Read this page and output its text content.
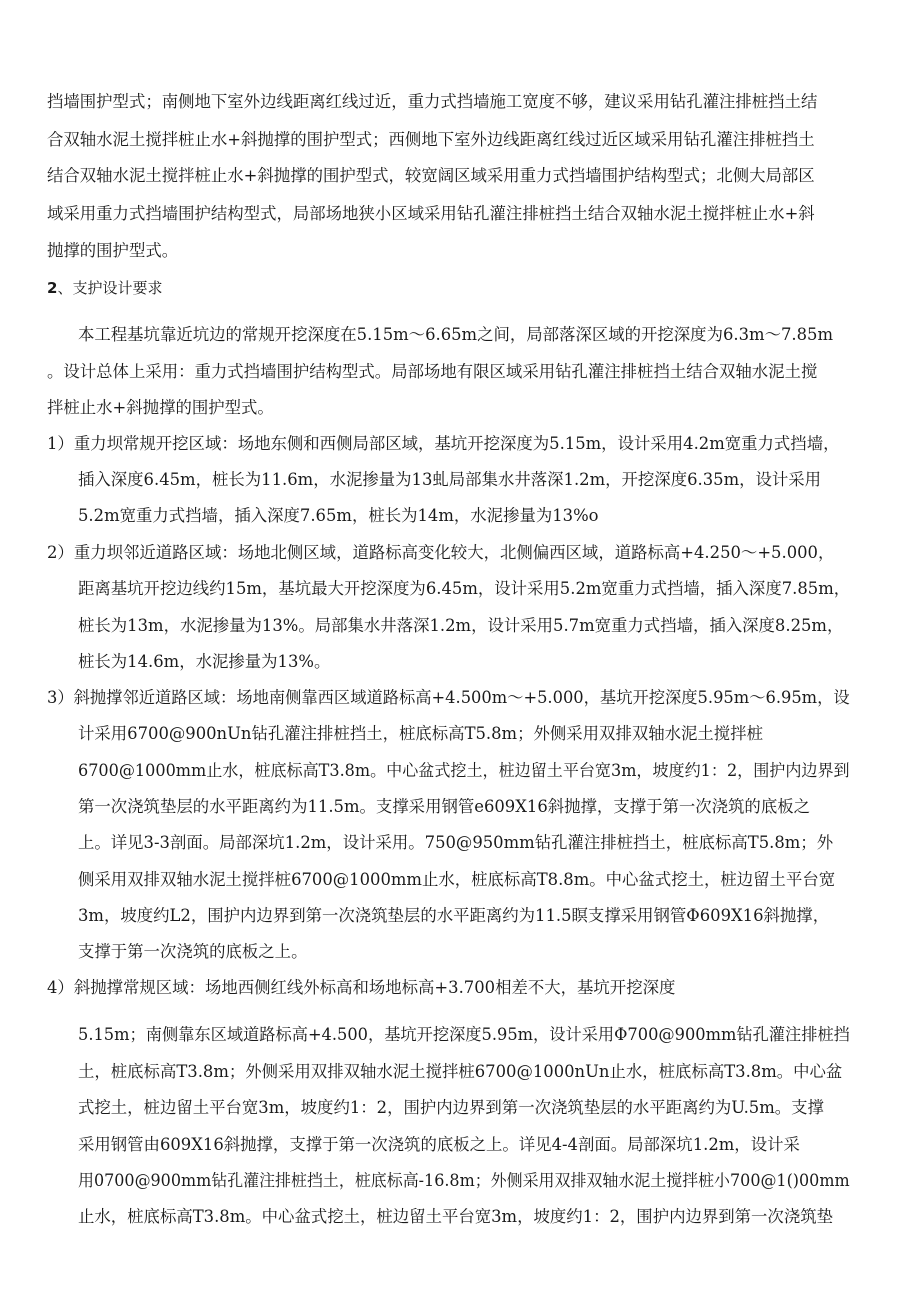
挡墙围护型式；南侧地下室外边线距离红线过近，重力式挡墙施工宽度不够，建议采用钻孔灌注排桩挡土结
合双轴水泥土搅拌桩止水+斜抛撑的围护型式；西侧地下室外边线距离红线过近区域采用钻孔灌注排桩挡土
结合双轴水泥土搅拌桩止水+斜抛撑的围护型式，较宽阔区域采用重力式挡墙围护结构型式；北侧大局部区
域采用重力式挡墙围护结构型式，局部场地狭小区域采用钻孔灌注排桩挡土结合双轴水泥土搅拌桩止水+斜
抛撑的围护型式。
2、支护设计要求
本工程基坑靠近坑边的常规开挖深度在5.15m～6.65m之间，局部落深区域的开挖深度为6.3m～7.85m
。设计总体上采用：重力式挡墙围护结构型式。局部场地有限区域采用钻孔灌注排桩挡土结合双轴水泥土搅
拌桩止水+斜抛撑的围护型式。
1）重力坝常规开挖区域：场地东侧和西侧局部区域，基坑开挖深度为5.15m，设计采用4.2m宽重力式挡墙，
插入深度6.45m，桩长为11.6m，水泥掺量为13虬局部集水井落深1.2m，开挖深度6.35m，设计采用
5.2m宽重力式挡墙，插入深度7.65m，桩长为14m，水泥掺量为13%o
2）重力坝邻近道路区域：场地北侧区域，道路标高变化较大，北侧偏西区域，道路标高+4.250～+5.000，
距离基坑开挖边线约15m，基坑最大开挖深度为6.45m，设计采用5.2m宽重力式挡墙，插入深度7.85m，
桩长为13m，水泥掺量为13%。局部集水井落深1.2m，设计采用5.7m宽重力式挡墙，插入深度8.25m，
桩长为14.6m，水泥掺量为13%。
3）斜抛撑邻近道路区域：场地南侧靠西区域道路标高+4.500m～+5.000，基坑开挖深度5.95m～6.95m，设
计采用6700@900nUn钻孔灌注排桩挡土，桩底标高T5.8m；外侧采用双排双轴水泥土搅拌桩
6700@1000mm止水，桩底标高T3.8m。中心盆式挖土，桩边留土平台宽3m，坡度约1：2，围护内边界到
第一次浇筑垫层的水平距离约为11.5m。支撑采用钢管e609X16斜抛撑，支撑于第一次浇筑的底板之
上。详见3-3剖面。局部深坑1.2m，设计采用。750@950mm钻孔灌注排桩挡土，桩底标高T5.8m；外
侧采用双排双轴水泥土搅拌桩6700@1000mm止水，桩底标高T8.8m。中心盆式挖土，桩边留土平台宽
3m，坡度约L2，围护内边界到第一次浇筑垫层的水平距离约为11.5瞑支撑采用钢管Φ609X16斜抛撑，
支撑于第一次浇筑的底板之上。
4）斜抛撑常规区域：场地西侧红线外标高和场地标高+3.700相差不大，基坑开挖深度
5.15m；南侧靠东区域道路标高+4.500，基坑开挖深度5.95m，设计采用Φ700@900mm钻孔灌注排桩挡
土，桩底标高T3.8m；外侧采用双排双轴水泥土搅拌桩6700@1000nUn止水，桩底标高T3.8m。中心盆
式挖土，桩边留土平台宽3m，坡度约1：2，围护内边界到第一次浇筑垫层的水平距离约为U.5m。支撑
采用钢管由609X16斜抛撑，支撑于第一次浇筑的底板之上。详见4-4剖面。局部深坑1.2m，设计采
用0700@900mm钻孔灌注排桩挡土，桩底标高-16.8m；外侧采用双排双轴水泥土搅拌桩小700@1()00mm
止水，桩底标高T3.8m。中心盆式挖土，桩边留土平台宽3m，坡度约1：2，围护内边界到第一次浇筑垫
